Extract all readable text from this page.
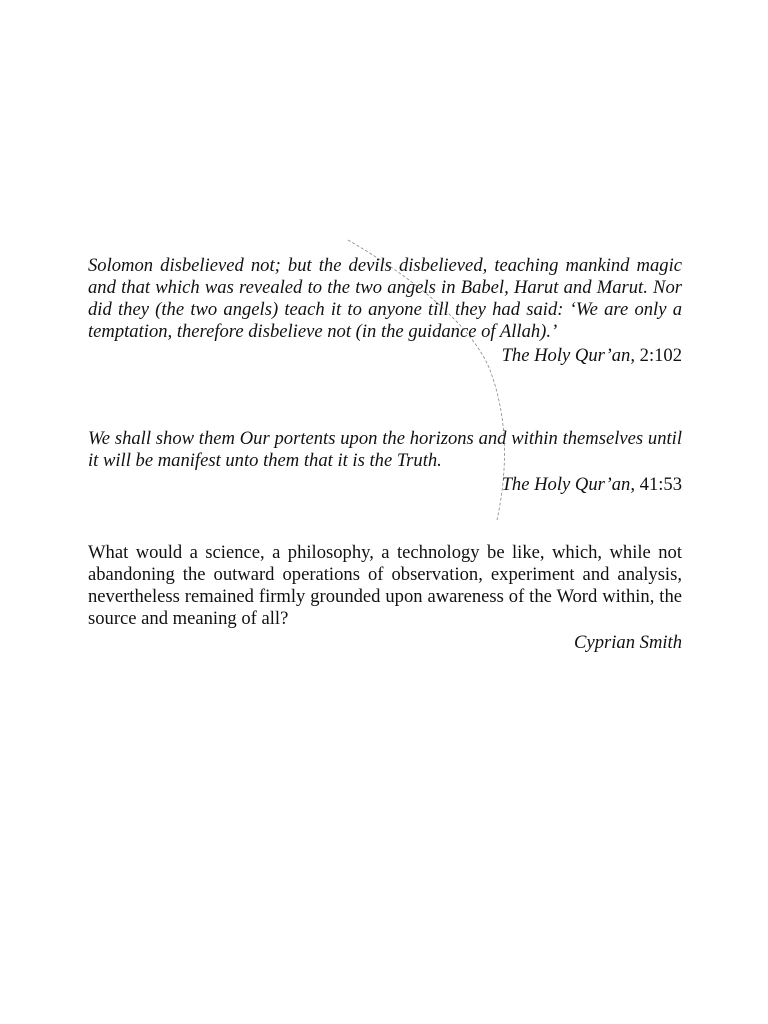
Solomon disbelieved not; but the devils disbelieved, teaching mankind magic and that which was revealed to the two angels in Babel, Harut and Marut. Nor did they (the two angels) teach it to anyone till they had said: ‘We are only a temptation, therefore disbelieve not (in the guidance of Allah).’

The Holy Qur’an, 2:102

We shall show them Our portents upon the horizons and within themselves until it will be manifest unto them that it is the Truth.

The Holy Qur’an, 41:53

What would a science, a philosophy, a technology be like, which, while not abandoning the outward operations of observation, experiment and analysis, nevertheless remained firmly grounded upon awareness of the Word within, the source and meaning of all?

Cyprian Smith
